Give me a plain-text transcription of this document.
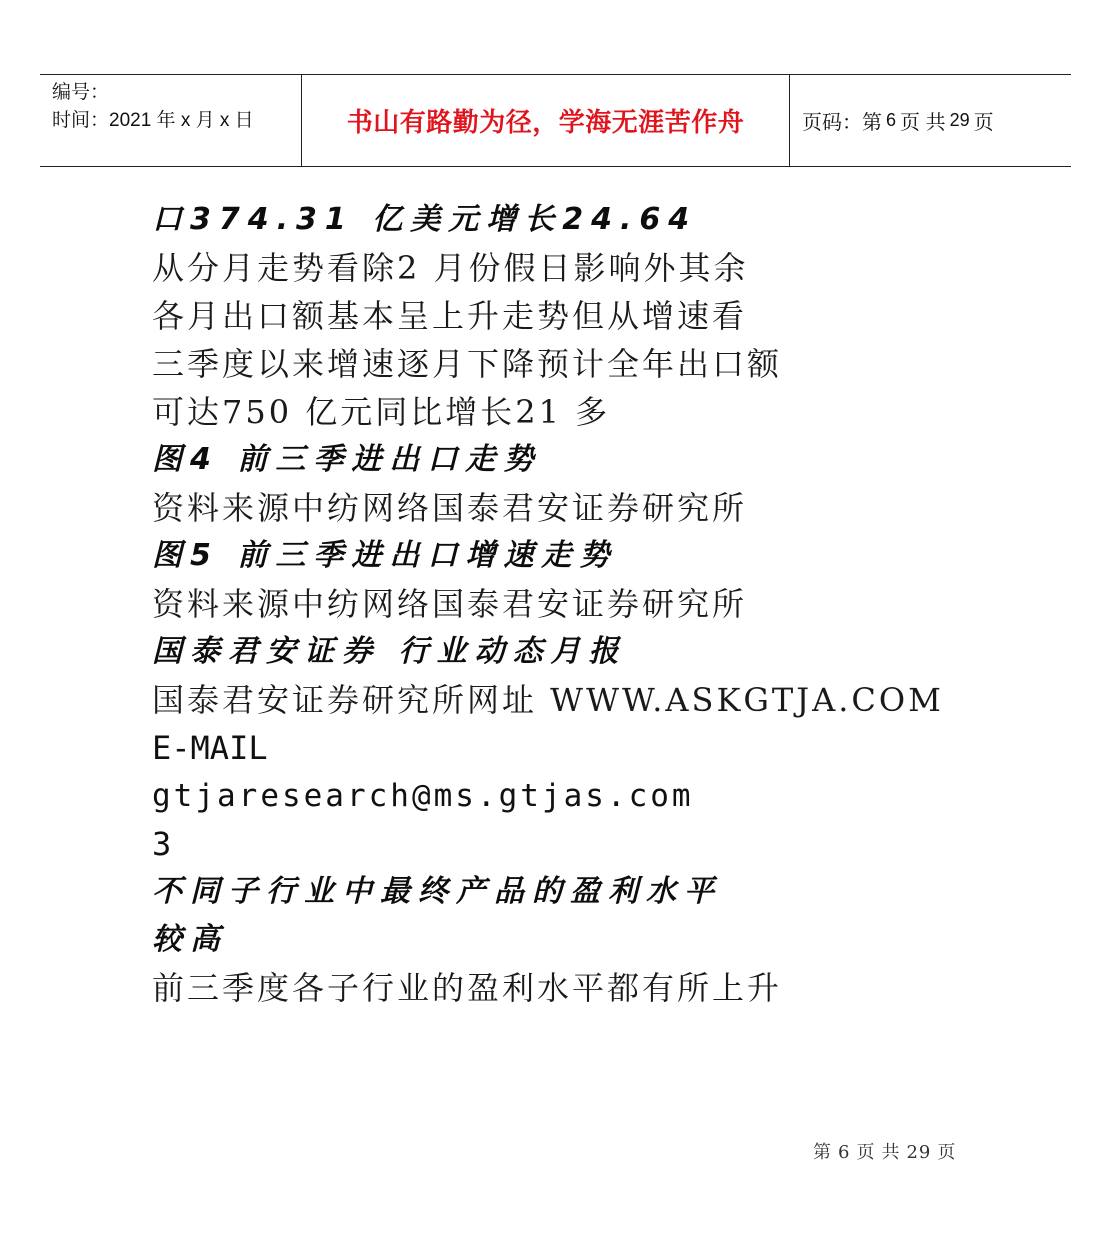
编号：
时间：2021 年 x 月 x 日	书山有路勤为径，学海无涯苦作舟	页码：第 6 页 共 29 页
口374.31 亿美元增长24.64
从分月走势看除2 月份假日影响外其余
各月出口额基本呈上升走势但从增速看
三季度以来增速逐月下降预计全年出口额
可达750 亿元同比增长21 多
图4 前三季进出口走势
资料来源中纺网络国泰君安证券研究所
图5 前三季进出口增速走势
资料来源中纺网络国泰君安证券研究所
国泰君安证券 行业动态月报
国泰君安证券研究所网址 WWW.ASKGTJA.COM
E-MAIL
gtjaresearch@ms.gtjas.com
3
不同子行业中最终产品的盈利水平
较高
前三季度各子行业的盈利水平都有所上升
第 6 页 共 29 页
